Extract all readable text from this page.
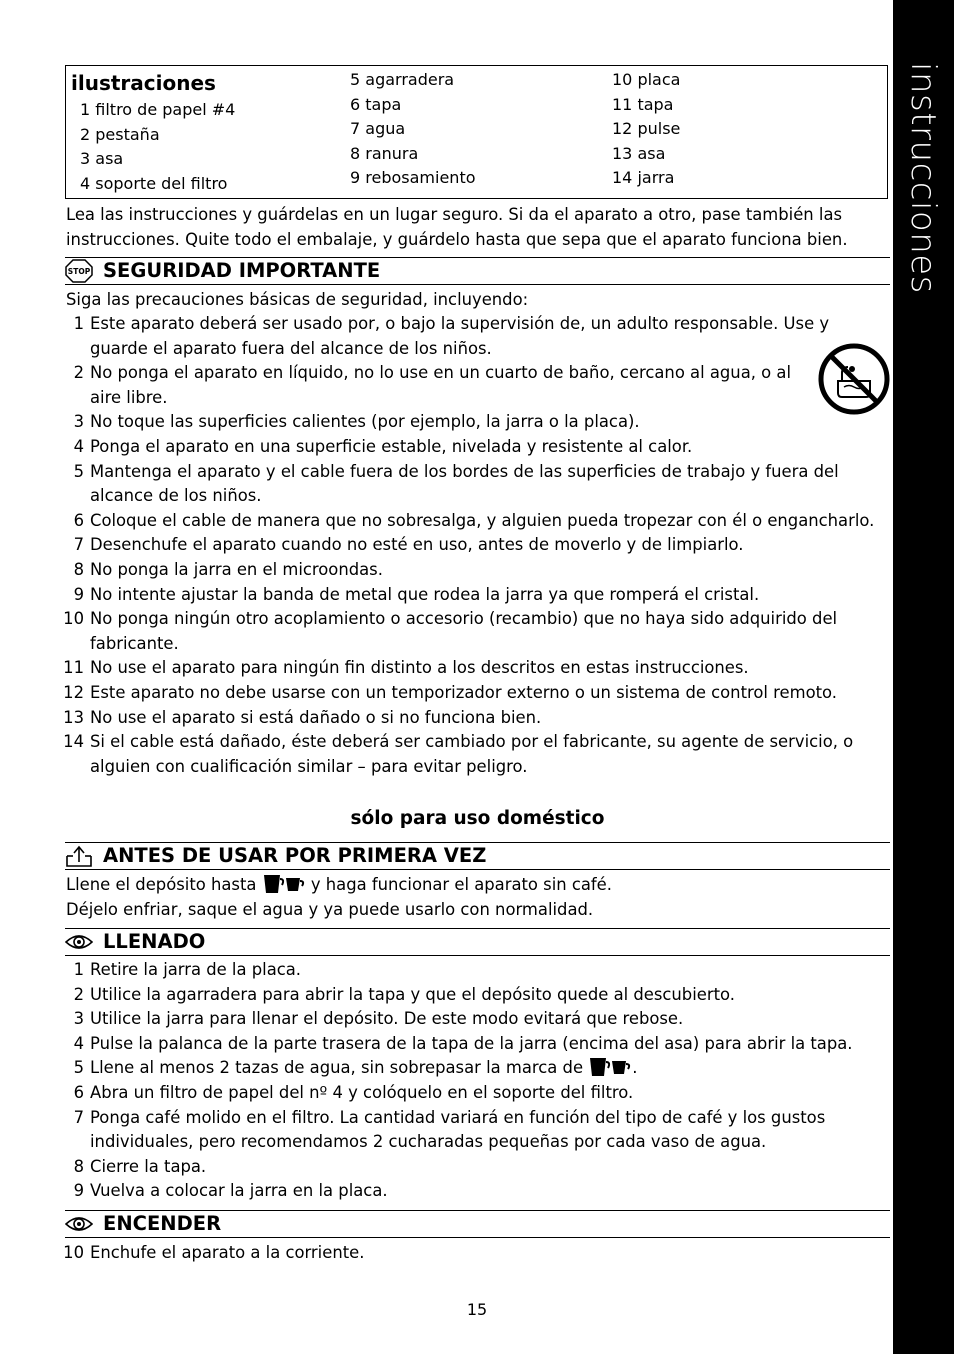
instrucciones
ilustraciones
1 filtro de papel #4
2 pestaña
3 asa
4 soporte del filtro
5 agarradera
6 tapa
7 agua
8 ranura
9 rebosamiento
10 placa
11 tapa
12 pulse
13 asa
14 jarra
Lea las instrucciones y guárdelas en un lugar seguro. Si da el aparato a otro, pase también las instrucciones. Quite todo el embalaje, y guárdelo hasta que sepa que el aparato funciona bien.
STOP SEGURIDAD IMPORTANTE
Siga las precauciones básicas de seguridad, incluyendo:
1 Este aparato deberá ser usado por, o bajo la supervisión de, un adulto responsable. Use y guarde el aparato fuera del alcance de los niños.
2 No ponga el aparato en líquido, no lo use en un cuarto de baño, cercano al agua, o al aire libre.
3 No toque las superficies calientes (por ejemplo, la jarra o la placa).
4 Ponga el aparato en una superficie estable, nivelada y resistente al calor.
5 Mantenga el aparato y el cable fuera de los bordes de las superficies de trabajo y fuera del alcance de los niños.
6 Coloque el cable de manera que no sobresalga, y alguien pueda tropezar con él o engancharlo.
7 Desenchufe el aparato cuando no esté en uso, antes de moverlo y de limpiarlo.
8 No ponga la jarra en el microondas.
9 No intente ajustar la banda de metal que rodea la jarra ya que romperá el cristal.
10 No ponga ningún otro acoplamiento o accesorio (recambio) que no haya sido adquirido del fabricante.
11 No use el aparato para ningún fin distinto a los descritos en estas instrucciones.
12 Este aparato no debe usarse con un temporizador externo o un sistema de control remoto.
13 No use el aparato si está dañado o si no funciona bien.
14 Si el cable está dañado, éste deberá ser cambiado por el fabricante, su agente de servicio, o alguien con cualificación similar – para evitar peligro.
sólo para uso doméstico
ANTES DE USAR POR PRIMERA VEZ
Llene el depósito hasta	y haga funcionar el aparato sin café.
Déjelo enfriar, saque el agua y ya puede usarlo con normalidad.
LLENADO
1 Retire la jarra de la placa.
2 Utilice la agarradera para abrir la tapa y que el depósito quede al descubierto.
3 Utilice la jarra para llenar el depósito. De este modo evitará que rebose.
4 Pulse la palanca de la parte trasera de la tapa de la jarra (encima del asa) para abrir la tapa.
5 Llene al menos 2 tazas de agua, sin sobrepasar la marca de	.
6 Abra un filtro de papel del nº 4 y colóquelo en el soporte del filtro.
7 Ponga café molido en el filtro. La cantidad variará en función del tipo de café y los gustos individuales, pero recomendamos 2 cucharadas pequeñas por cada vaso de agua.
8 Cierre la tapa.
9 Vuelva a colocar la jarra en la placa.
ENCENDER
10 Enchufe el aparato a la corriente.
15
